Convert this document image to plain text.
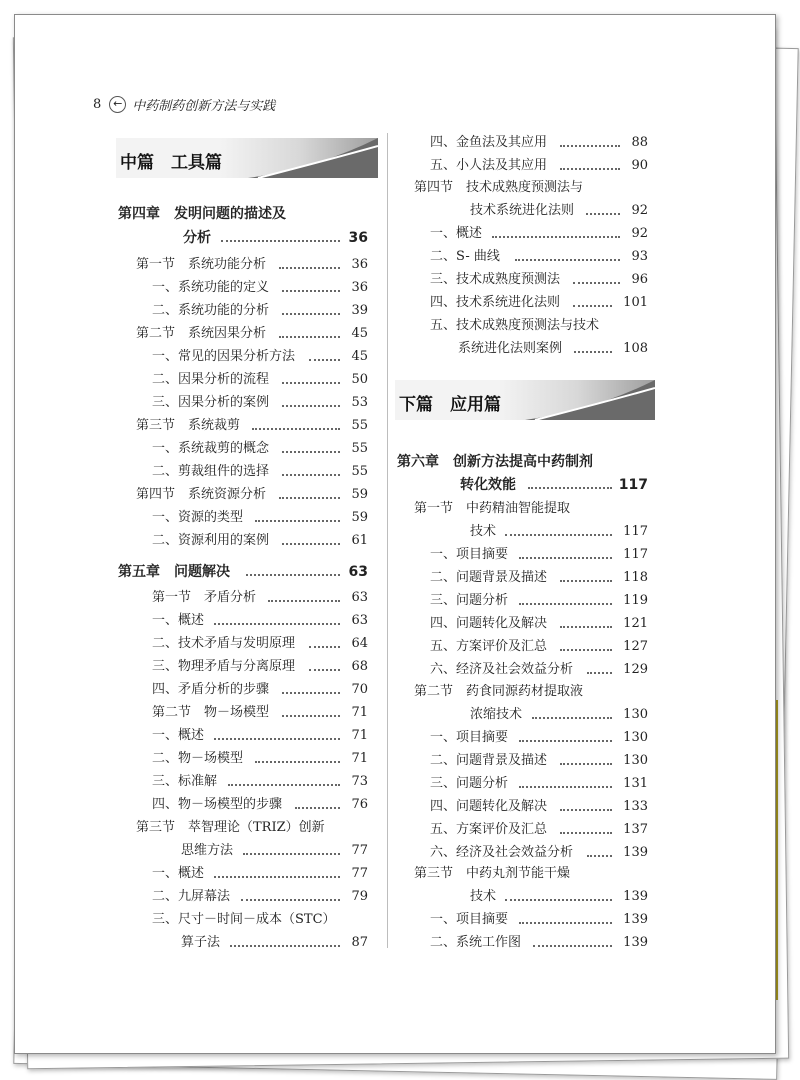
8	← 中药制药创新方法与实践
中篇　工具篇
下篇　应用篇
第四章　发明问题的描述及
分析	36
第一节　系统功能分析	36
一、系统功能的定义	36
二、系统功能的分析	39
第二节　系统因果分析	45
一、常见的因果分析方法	45
二、因果分析的流程	50
三、因果分析的案例	53
第三节　系统裁剪	55
一、系统裁剪的概念	55
二、剪裁组件的选择	55
第四节　系统资源分析	59
一、资源的类型	59
二、资源利用的案例	61
第五章　问题解决	63
第一节　矛盾分析	63
一、概述	63
二、技术矛盾与发明原理	64
三、物理矛盾与分离原理	68
四、矛盾分析的步骤	70
第二节　物－场模型	71
一、概述	71
二、物－场模型	71
三、标准解	73
四、物－场模型的步骤	76
第三节　萃智理论（TRIZ）创新
思维方法	77
一、概述	77
二、九屏幕法	79
三、尺寸－时间－成本（STC）
算子法	87
四、金鱼法及其应用	88
五、小人法及其应用	90
第四节　技术成熟度预测法与
技术系统进化法则	92
一、概述	92
二、S- 曲线	93
三、技术成熟度预测法	96
四、技术系统进化法则	101
五、技术成熟度预测法与技术
系统进化法则案例	108
第六章　创新方法提高中药制剂
转化效能	117
第一节　中药精油智能提取
技术	117
一、项目摘要	117
二、问题背景及描述	118
三、问题分析	119
四、问题转化及解决	121
五、方案评价及汇总	127
六、经济及社会效益分析	129
第二节　药食同源药材提取液
浓缩技术	130
一、项目摘要	130
二、问题背景及描述	130
三、问题分析	131
四、问题转化及解决	133
五、方案评价及汇总	137
六、经济及社会效益分析	139
第三节　中药丸剂节能干燥
技术	139
一、项目摘要	139
二、系统工作图	139
